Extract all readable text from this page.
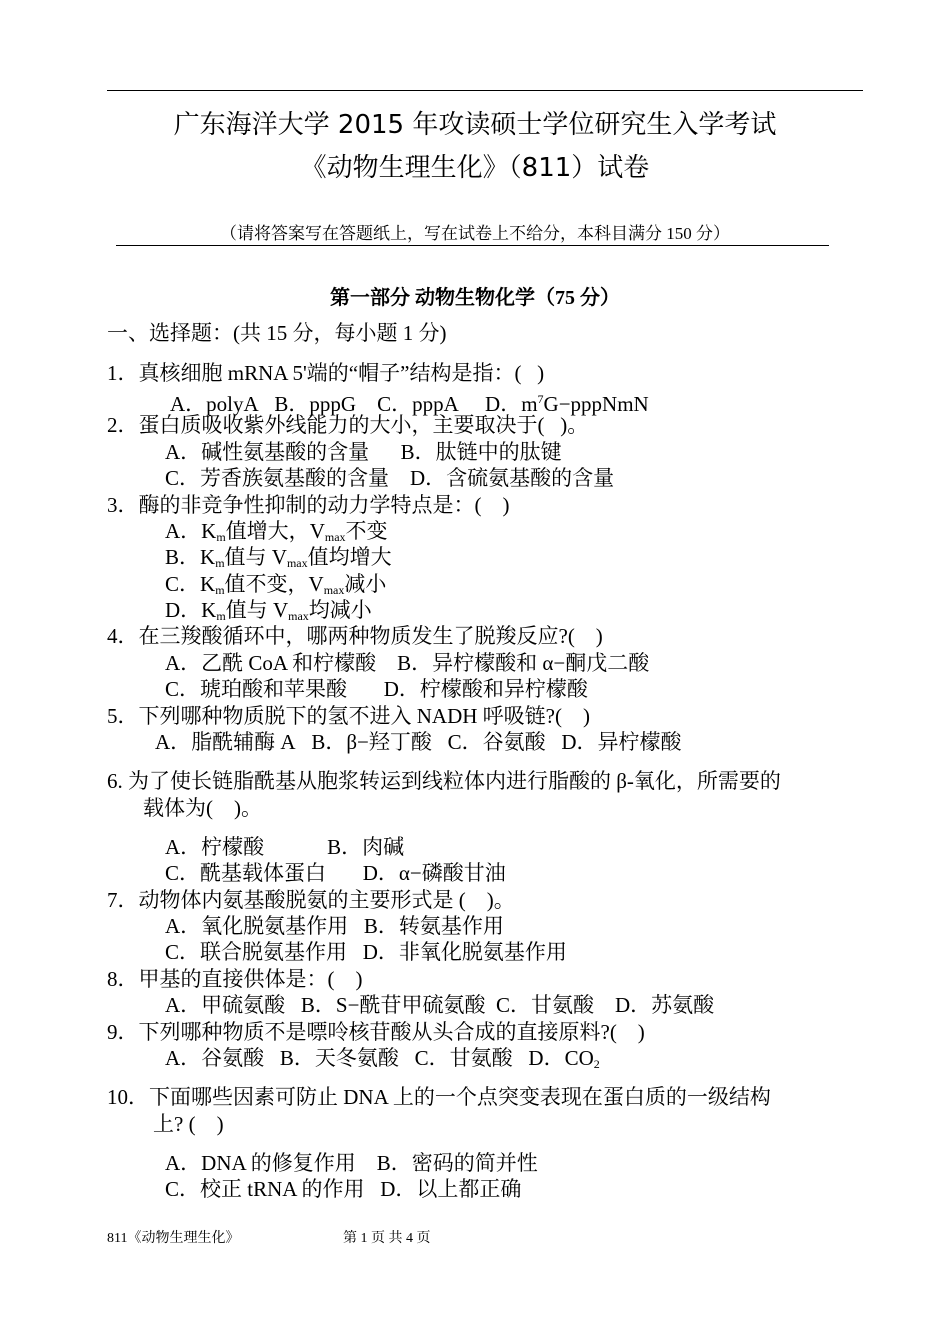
广东海洋大学 2015 年攻读硕士学位研究生入学考试
《动物生理生化》（811）试卷
（请将答案写在答题纸上，写在试卷上不给分，本科目满分 150 分）
第一部分 动物生物化学（75 分）
一、选择题：(共 15 分，每小题 1 分)
1．真核细胞 mRNA 5'端的“帽子”结构是指：(   )
A．polyA B．pppG C．pppA D．$m^7G-pppNmN$
2．蛋白质吸收紫外线能力的大小，主要取决于(   )。
A．碱性氨基酸的含量      B．肽链中的肽键
C．芳香族氨基酸的含量    D．含硫氨基酸的含量
3．酶的非竞争性抑制的动力学特点是：(    )
A．$K_m$值增大，$V_{max}$不变
B．$K_m$值与 $V_{max}$值均增大
C．$K_m$值不变，$V_{max}$减小
D．$K_m$值与 $V_{max}$均减小
4．在三羧酸循环中，哪两种物质发生了脱羧反应?(    )
A．乙酰 CoA 和柠檬酸    B．异柠檬酸和 α−酮戊二酸
C．琥珀酸和苹果酸       D．柠檬酸和异柠檬酸
5．下列哪种物质脱下的氢不进入 NADH 呼吸链?(    )
A．脂酰辅酶 A   B．β−羟丁酸   C．谷氨酸   D．异柠檬酸
6. 为了使长链脂酰基从胞浆转运到线粒体内进行脂酸的 β-氧化，所需要的
载体为(    )。
A．柠檬酸            B．肉碱
C．酰基载体蛋白       D．α−磷酸甘油
7．动物体内氨基酸脱氨的主要形式是 (    )。
A．氧化脱氨基作用   B．转氨基作用
C．联合脱氨基作用   D．非氧化脱氨基作用
8．甲基的直接供体是：(    )
A．甲硫氨酸   B．S−酰苷甲硫氨酸  C．甘氨酸    D．苏氨酸
9．下列哪种物质不是嘌呤核苷酸从头合成的直接原料?(    )
A．谷氨酸   B．天冬氨酸   C．甘氨酸   D．$CO_2$
10．下面哪些因素可防止 DNA 上的一个点突变表现在蛋白质的一级结构
上? (    )
A．DNA 的修复作用    B．密码的简并性
C．校正 tRNA 的作用   D．以上都正确
811《动物生理生化》	第 1 页 共 4 页
